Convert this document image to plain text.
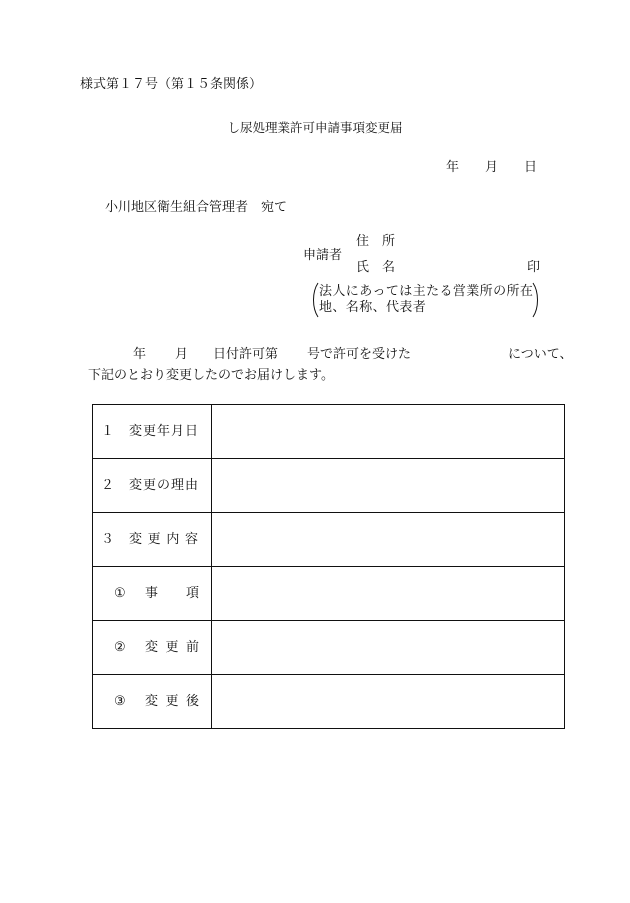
様式第１７号（第１５条関係）
し尿処理業許可申請事項変更届
年　　月　　日
小川地区衛生組合管理者　宛て
住　所
申請者
氏　名	印
法人にあっては主たる営業所の所在
地、名称、代表者
年 月 日付許可第 号で許可を受けた	について、
下記のとおり変更したのでお届けします。
１ 変更年月日	

２ 変更の理由	

３ 変 更 内 容	

① 事　　項	

② 変 更 前	

③ 変 更 後	
